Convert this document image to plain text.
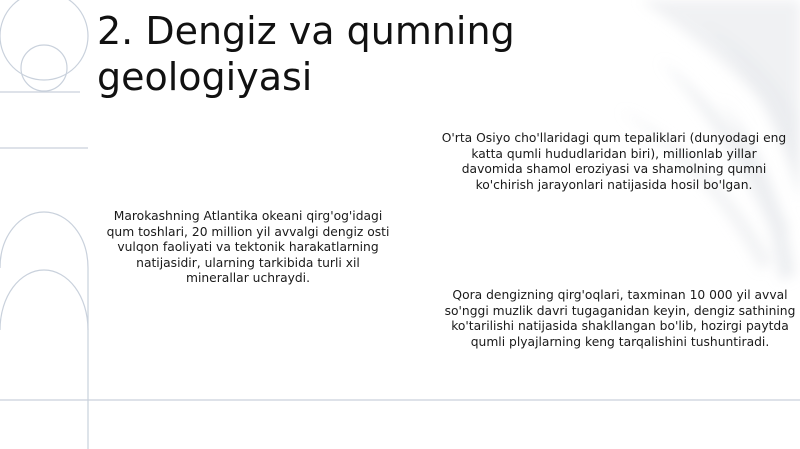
2. Dengiz va qumning geologiyasi

Marokashning Atlantika okeani qirg'og'idagi qum toshlari, 20 million yil avvalgi dengiz osti vulqon faoliyati va tektonik harakatlarning natijasidir, ularning tarkibida turli xil minerallar uchraydi.

O'rta Osiyo cho'llaridagi qum tepaliklari (dunyodagi eng katta qumli hududlaridan biri), millionlab yillar davomida shamol eroziyasi va shamolning qumni ko'chirish jarayonlari natijasida hosil bo'lgan.

Qora dengizning qirg'oqlari, taxminan 10 000 yil avval so'nggi muzlik davri tugaganidan keyin, dengiz sathining ko'tarilishi natijasida shakllangan bo'lib, hozirgi paytda qumli plyajlarning keng tarqalishini tushuntiradi.
